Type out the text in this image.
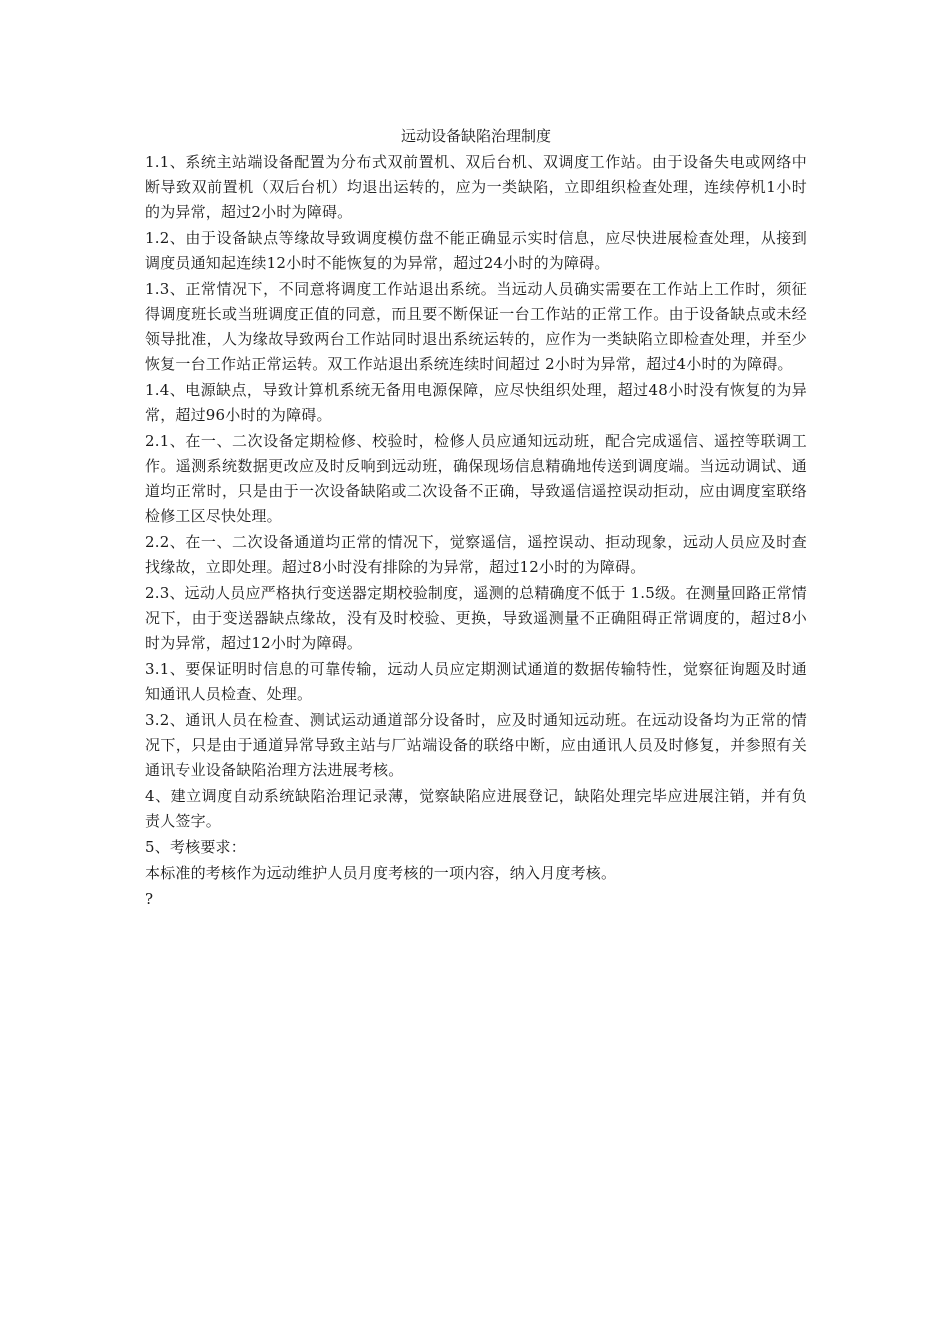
远动设备缺陷治理制度

1.1、系统主站端设备配置为分布式双前置机、双后台机、双调度工作站。由于设备失电或网络中断导致双前置机（双后台机）均退出运转的，应为一类缺陷，立即组织检查处理，连续停机1小时的为异常，超过2小时为障碍。

1.2、由于设备缺点等缘故导致调度模仿盘不能正确显示实时信息，应尽快进展检查处理，从接到调度员通知起连续12小时不能恢复的为异常，超过24小时的为障碍。

1.3、正常情况下，不同意将调度工作站退出系统。当远动人员确实需要在工作站上工作时，须征得调度班长或当班调度正值的同意，而且要不断保证一台工作站的正常工作。由于设备缺点或未经领导批准，人为缘故导致两台工作站同时退出系统运转的，应作为一类缺陷立即检查处理，并至少恢复一台工作站正常运转。双工作站退出系统连续时间超过 2小时为异常，超过4小时的为障碍。

1.4、电源缺点，导致计算机系统无备用电源保障，应尽快组织处理，超过48小时没有恢复的为异常，超过96小时的为障碍。

2.1、在一、二次设备定期检修、校验时，检修人员应通知远动班，配合完成遥信、遥控等联调工作。遥测系统数据更改应及时反响到远动班，确保现场信息精确地传送到调度端。当远动调试、通道均正常时，只是由于一次设备缺陷或二次设备不正确，导致遥信遥控误动拒动，应由调度室联络检修工区尽快处理。

2.2、在一、二次设备通道均正常的情况下，觉察遥信，遥控误动、拒动现象，远动人员应及时查找缘故，立即处理。超过8小时没有排除的为异常，超过12小时的为障碍。

2.3、远动人员应严格执行变送器定期校验制度，遥测的总精确度不低于 1.5级。在测量回路正常情况下，由于变送器缺点缘故，没有及时校验、更换，导致遥测量不正确阻碍正常调度的，超过8小时为异常，超过12小时为障碍。

3.1、要保证明时信息的可靠传输，远动人员应定期测试通道的数据传输特性，觉察征询题及时通知通讯人员检查、处理。

3.2、通讯人员在检查、测试运动通道部分设备时，应及时通知远动班。在远动设备均为正常的情况下，只是由于通道异常导致主站与厂站端设备的联络中断，应由通讯人员及时修复，并参照有关通讯专业设备缺陷治理方法进展考核。

4、建立调度自动系统缺陷治理记录薄，觉察缺陷应进展登记，缺陷处理完毕应进展注销，并有负责人签字。

5、考核要求：

本标准的考核作为远动维护人员月度考核的一项内容，纳入月度考核。

?
